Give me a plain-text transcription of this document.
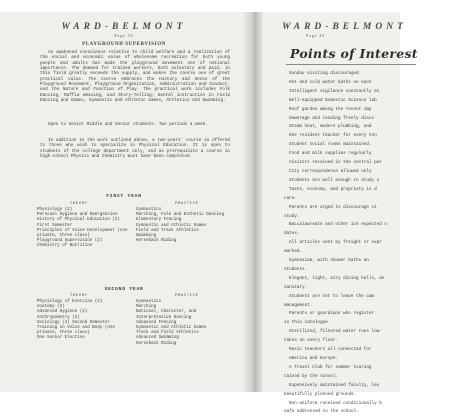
WARD-BELMONT
Page 39
PLAYGROUND SUPERVISION

An awakened conscience relative to child welfare and a realization of the social and economic value of wholesome recreation for both young people and adults has made the playground movement one of national importance. The demand for trained workers, both voluntary and paid, in this field greatly exceeds the supply, and makes the course one of great practical value. The course embraces the History and Sense of the Playground Movement, Playground Organization, Administration and Conduct, and the Nature and Function of Play. The practical work includes Folk Dancing, Raffia Weaving, and Story-Telling; mental instruction in Field Dancing and Games, Gymnastic and Athletic Games, Athletics and Swimming.

Open to Senior Middle and Senior students. Two periods a week.

In addition to the work outlined above, a two-years' course is offered to those who wish to specialize in Physical Education. It is open to students of the college department only, and as prerequisite a course in high-school Physics and Chemistry must have been completed.

FIRST YEAR
THEORY	PRACTICE
Physiology (2)
Personal Hygiene and Emergencies
History of Physical Education (2) First Semester
Principles of Voice Development (one private, three class)
Playground Supervision (2)
Chemistry of Nutrition
Gymnastics
Marching, Folk and Esthetic Dancing
Elementary Fencing
Gymnastic and Athletic Games
Field and Track Athletics
Swimming
Horseback Riding
SECOND YEAR
THEORY	PRACTICE
Physiology of Exercise (2)
Anatomy (2)
Advanced Hygiene (2)
Anthropometry (2)
Sociology (4) Second Semester
Training in Voice and Body (one private, three class)
One Senior Elective
Gymnastics
Marching
National, Character, and Interpretative Dancing
Advanced Fencing
Gymnastic and Athletic Games
Track and Field Athletics
Advanced Swimming
Horseback Riding
WARD-BELMONT
Page 40
Points of Interest
Sunday visiting discouraged.
Hot and cold water baths on each
Intelligent vigilance constantly ex
Well-equipped Domestic Science lab
Roof garden among the recent imp
Sewerage and lending freely disco
Steam heat, modern plumbing, and
One resident teacher for every ten
Student social rooms maintained.
Food and milk supplies regularly
Visitors received in the central par
City correspondence allowed only
Students are well enough to study o
Taste, economy, and propriety in d
care.
Parents are urged to discourage vi
study.
Baccalaureate and other ice expected o
dates.
All articles sent by freight or expr
marked.
Gymnasium, with shower baths an
students.
Elegant, light, airy dining halls, an
sanitary.
Students are not to leave the cam
management.
Parents or guardians who register
in this catalogue.
Sterilized, filtered water runs low-
takes on every floor.
Music teachers all connected for
America and Europe.
A Travel Club for summer touring
tained by the school.
Expensively maintained faculty, las
beautifully planned grounds.
Non-uniform received conditionally b
safe addressed to the school.
